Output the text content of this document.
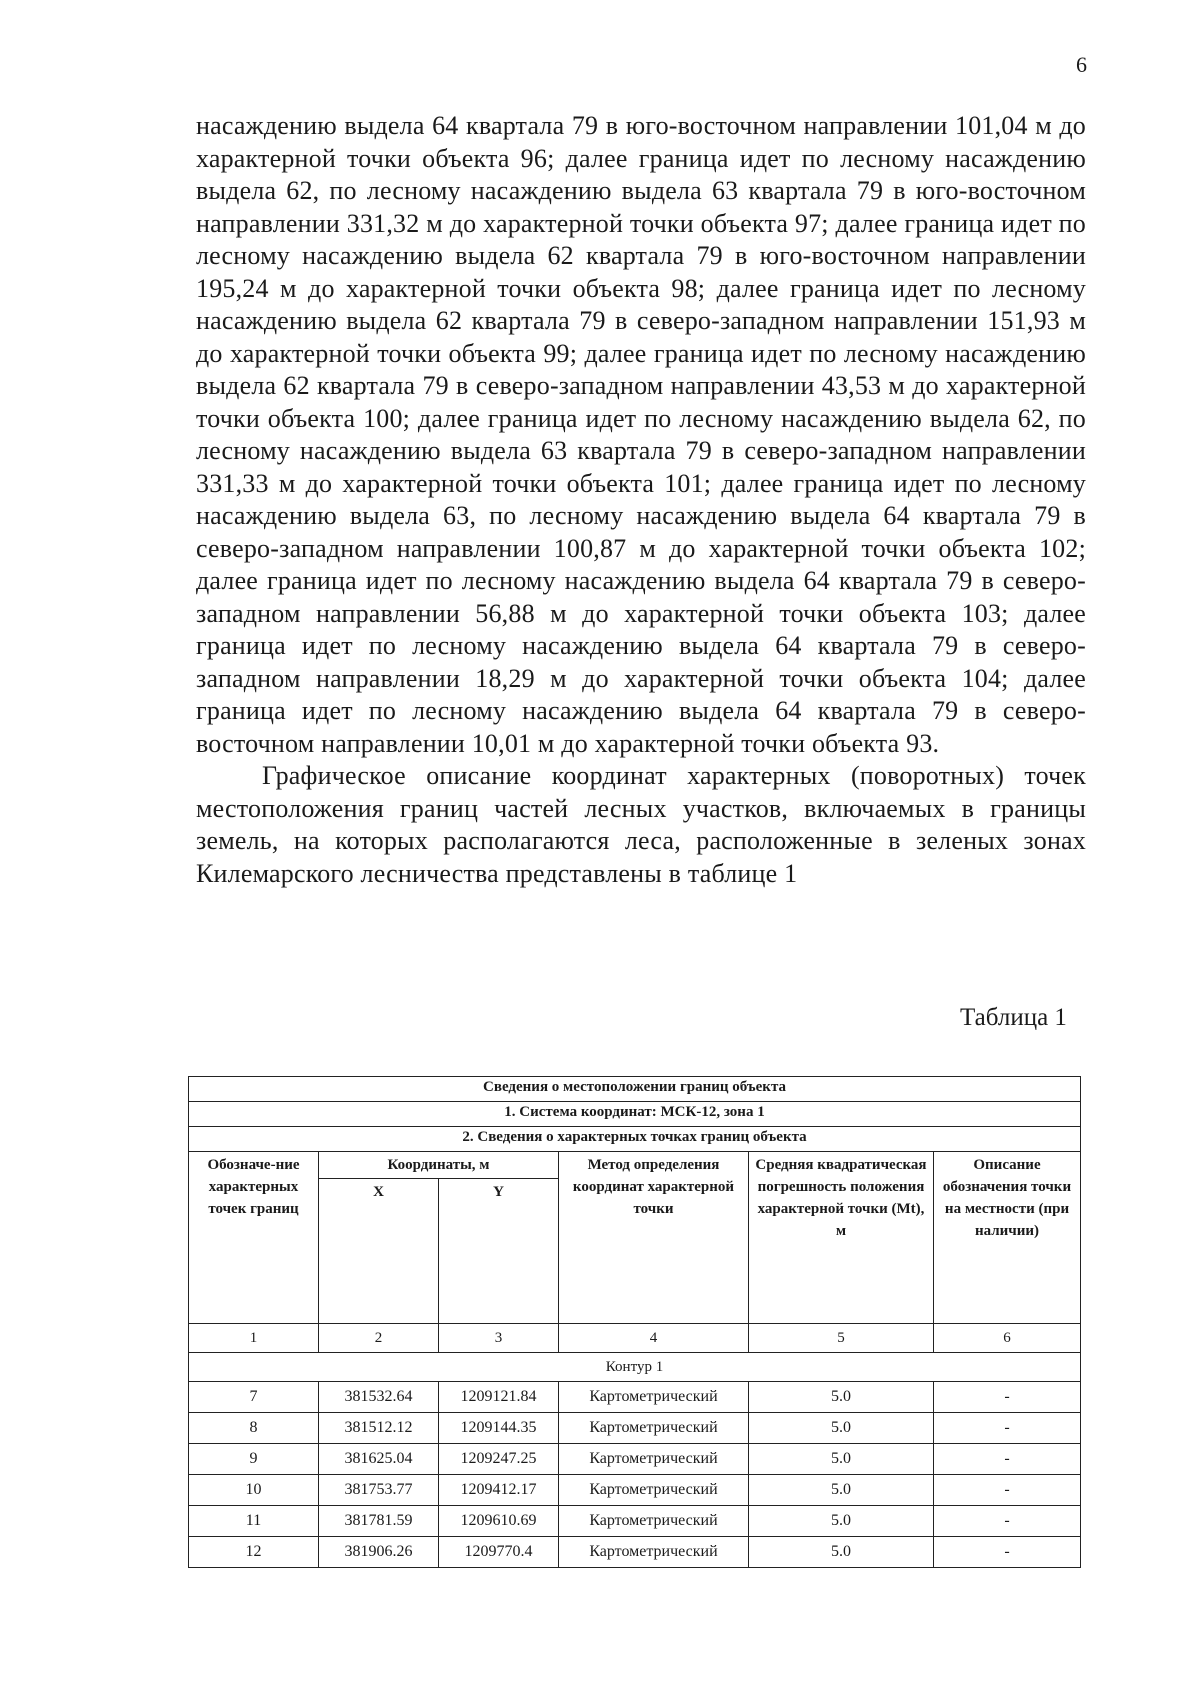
6

насаждению выдела 64 квартала 79 в юго-восточном направлении 101,04 м до характерной точки объекта 96; далее граница идет по лесному насаждению выдела 62, по лесному насаждению выдела 63 квартала 79 в юго-восточном направлении 331,32 м до характерной точки объекта 97; далее граница идет по лесному насаждению выдела 62 квартала 79 в юго-восточном направлении 195,24 м до характерной точки объекта 98; далее граница идет по лесному насаждению выдела 62 квартала 79 в северо-западном направлении 151,93 м до характерной точки объекта 99; далее граница идет по лесному насаждению выдела 62 квартала 79 в северо-западном направлении 43,53 м до характерной точки объекта 100; далее граница идет по лесному насаждению выдела 62, по лесному насаждению выдела 63 квартала 79 в северо-западном направлении 331,33 м до характерной точки объекта 101; далее граница идет по лесному насаждению выдела 63, по лесному насаждению выдела 64 квартала 79 в северо-западном направлении 100,87 м до характерной точки объекта 102; далее граница идет по лесному насаждению выдела 64 квартала 79 в северо-западном направлении 56,88 м до характерной точки объекта 103; далее граница идет по лесному насаждению выдела 64 квартала 79 в северо-западном направлении 18,29 м до характерной точки объекта 104; далее граница идет по лесному насаждению выдела 64 квартала 79 в северо-восточном направлении 10,01 м до характерной точки объекта 93.

Графическое описание координат характерных (поворотных) точек местоположения границ частей лесных участков, включаемых в границы земель, на которых располагаются леса, расположенные в зеленых зонах Килемарского лесничества представлены в таблице 1

Таблица 1
Сведения о местоположении границ объекта					
1. Система координат: МСК-12, зона 1					
2. Сведения о характерных точках границ объекта					
Обозначе-ние характерных точек границ	Координаты, м		Метод определения координат характерной точки	Средняя квадратическая погрешность положения характерной точки (Mt), м	Описание обозначения точки на местности (при наличии)
	X	Y			
1	2	3	4	5	6
Контур 1					
7	381532.64	1209121.84	Картометрический	5.0	-
8	381512.12	1209144.35	Картометрический	5.0	-
9	381625.04	1209247.25	Картометрический	5.0	-
10	381753.77	1209412.17	Картометрический	5.0	-
11	381781.59	1209610.69	Картометрический	5.0	-
12	381906.26	1209770.4	Картометрический	5.0	-
